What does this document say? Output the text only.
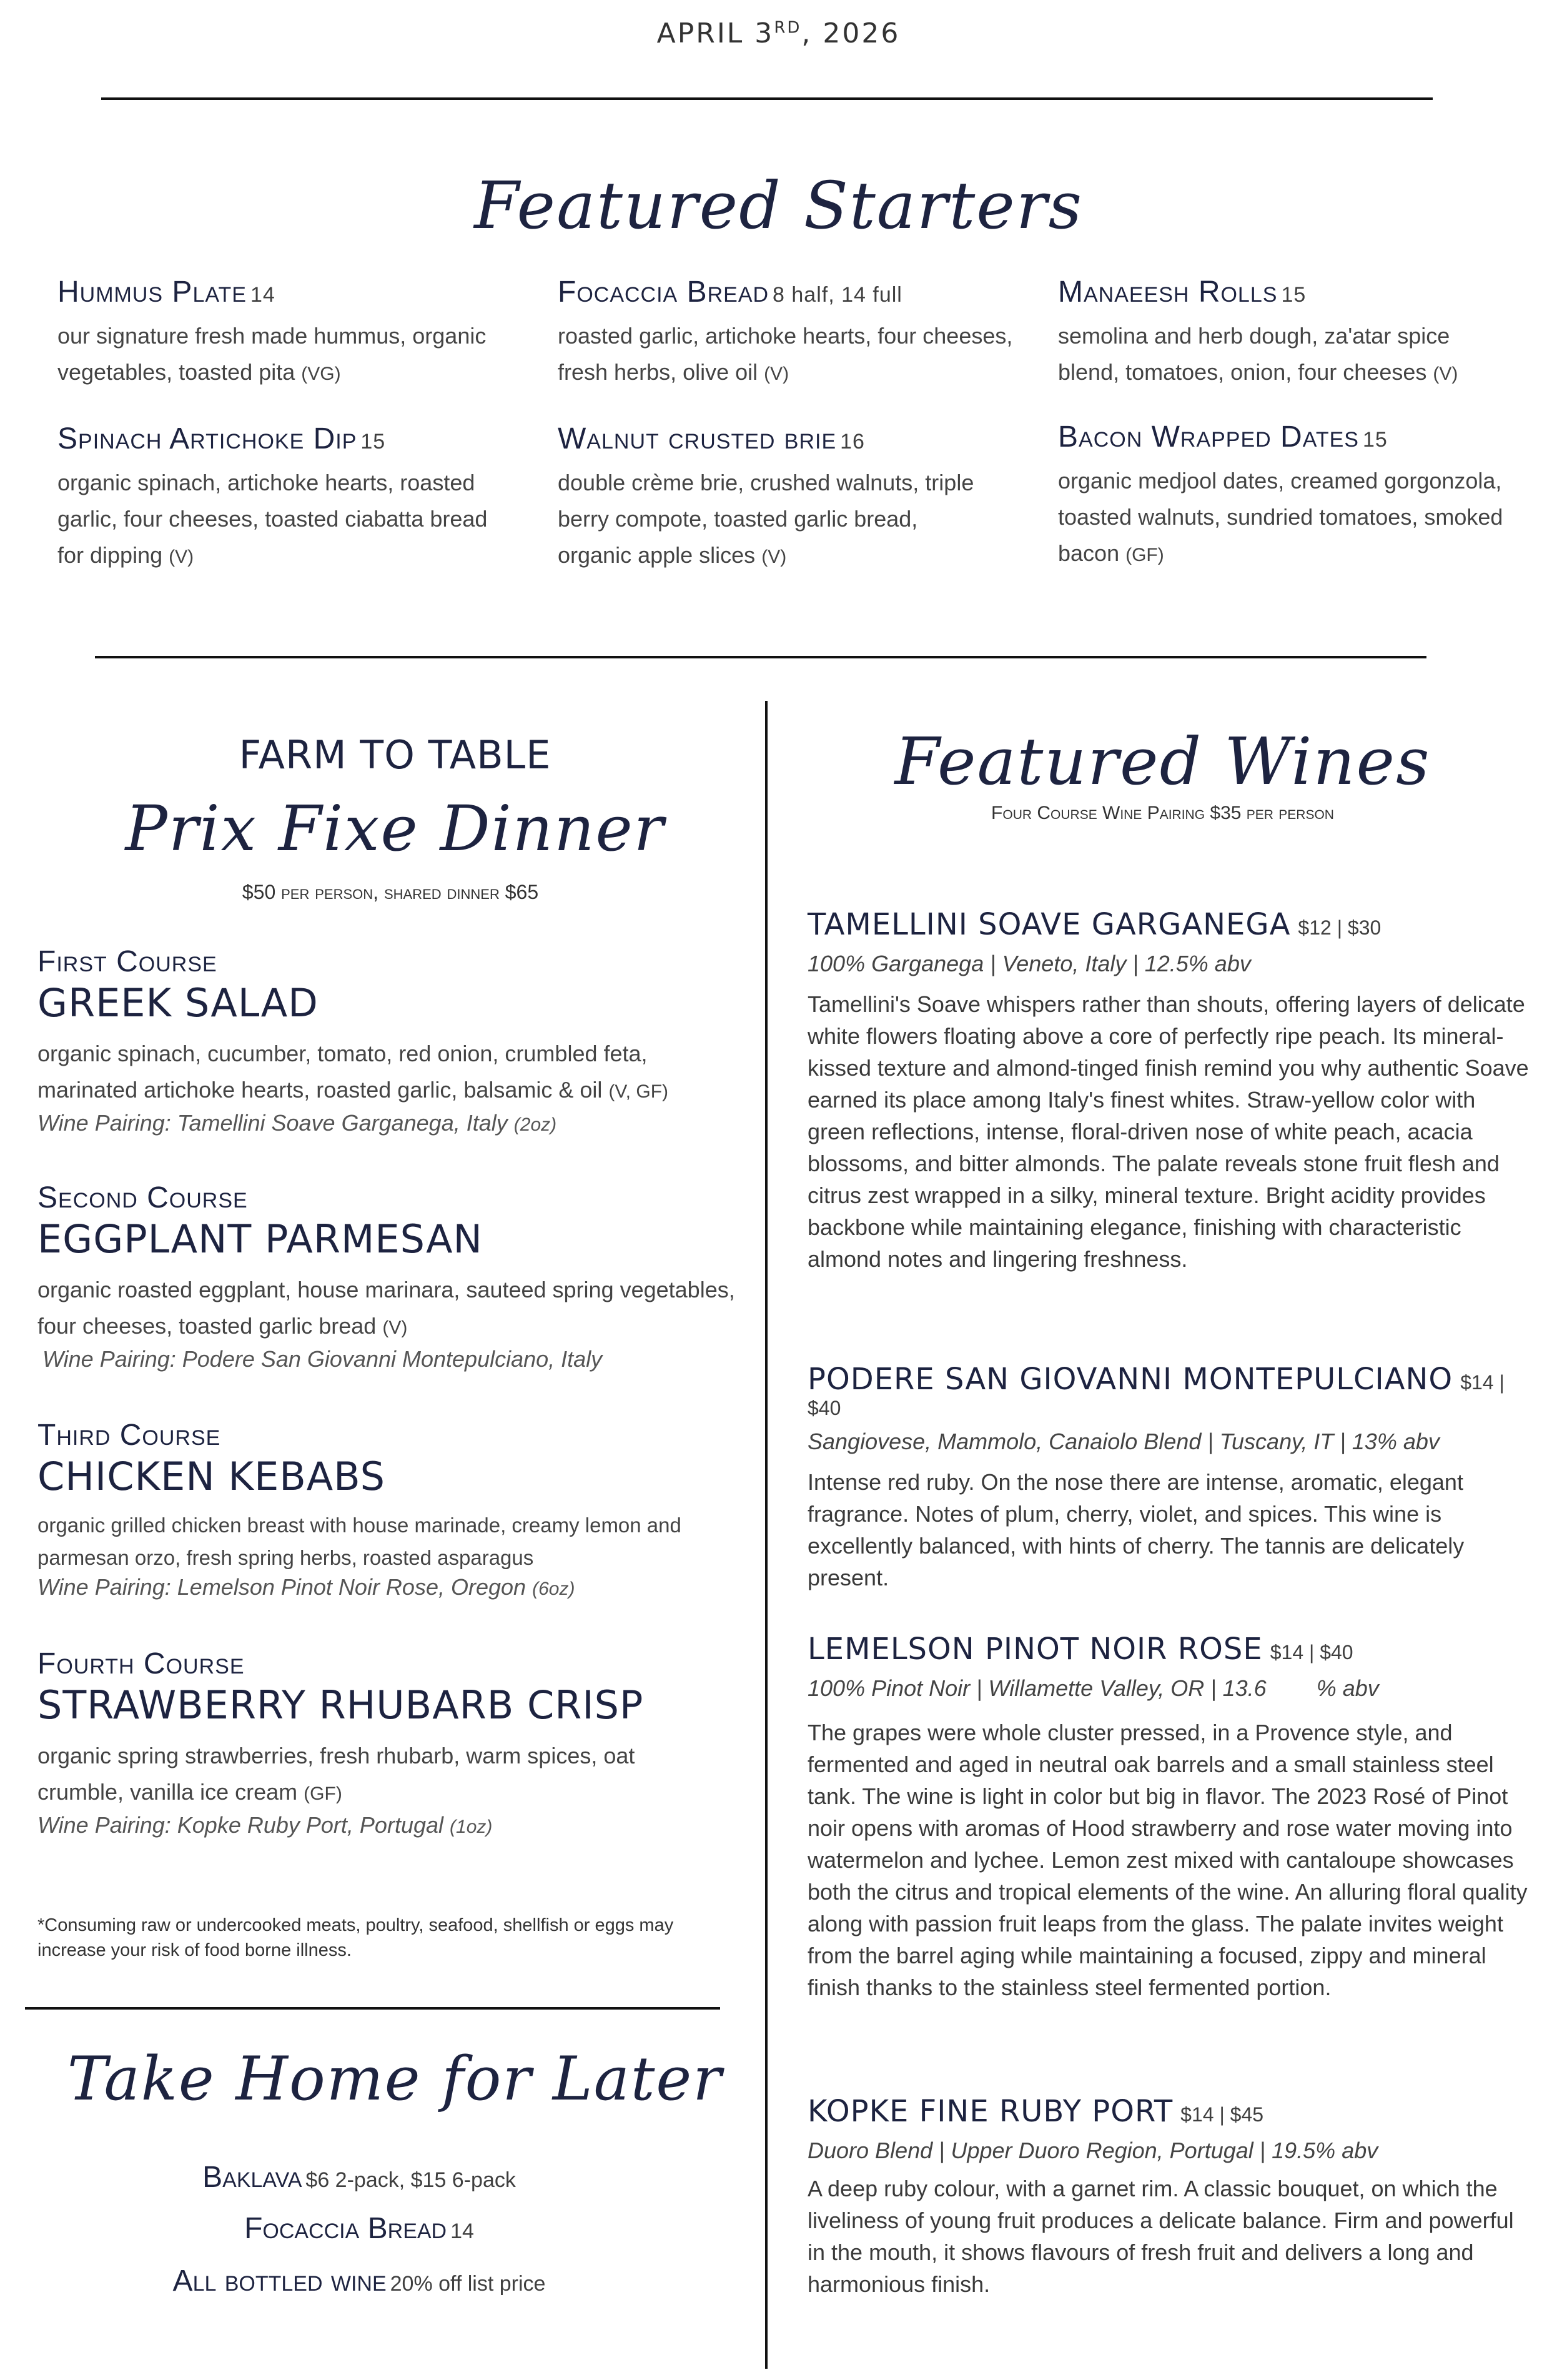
APRIL 3RD, 2026
Featured Starters
Hummus Plate 14
our signature fresh made hummus, organic vegetables, toasted pita (VG)
Focaccia Bread 8 half, 14 full
roasted garlic, artichoke hearts, four cheeses, fresh herbs, olive oil (V)
Manaeesh Rolls 15
semolina and herb dough, za'atar spice blend, tomatoes, onion, four cheeses (V)
Spinach Artichoke Dip 15
organic spinach, artichoke hearts, roasted garlic, four cheeses, toasted ciabatta bread for dipping (V)
Walnut crusted brie 16
double crème brie, crushed walnuts, triple berry compote, toasted garlic bread, organic apple slices (V)
Bacon Wrapped Dates 15
organic medjool dates, creamed gorgonzola, toasted walnuts, sundried tomatoes, smoked bacon (GF)
FARM TO TABLE
Prix Fixe Dinner
$50 per person, shared dinner $65
First Course
GREEK SALAD
organic spinach, cucumber, tomato, red onion, crumbled feta, marinated artichoke hearts, roasted garlic, balsamic & oil (V, GF)
Wine Pairing: Tamellini Soave Garganega, Italy (2oz)
Second Course
EGGPLANT PARMESAN
organic roasted eggplant, house marinara, sauteed spring vegetables, four cheeses, toasted garlic bread (V)
Wine Pairing: Podere San Giovanni Montepulciano, Italy
Third Course
CHICKEN KEBABS
organic grilled chicken breast with house marinade, creamy lemon and parmesan orzo, fresh spring herbs, roasted asparagus
Wine Pairing: Lemelson Pinot Noir Rose, Oregon (6oz)
Fourth Course
STRAWBERRY RHUBARB CRISP
organic spring strawberries, fresh rhubarb, warm spices, oat crumble, vanilla ice cream (GF)
Wine Pairing: Kopke Ruby Port, Portugal (1oz)
*Consuming raw or undercooked meats, poultry, seafood, shellfish or eggs may increase your risk of food borne illness.
Take Home for Later
Baklava $6 2-pack, $15 6-pack
Focaccia Bread 14
All bottled wine 20% off list price
Featured Wines
Four Course Wine Pairing $35 per person
TAMELLINI SOAVE GARGANEGA $12 | $30
100% Garganega | Veneto, Italy | 12.5% abv
Tamellini's Soave whispers rather than shouts, offering layers of delicate white flowers floating above a core of perfectly ripe peach. Its mineral-kissed texture and almond-tinged finish remind you why authentic Soave earned its place among Italy's finest whites. Straw-yellow color with green reflections, intense, floral-driven nose of white peach, acacia blossoms, and bitter almonds. The palate reveals stone fruit flesh and citrus zest wrapped in a silky, mineral texture. Bright acidity provides backbone while maintaining elegance, finishing with characteristic almond notes and lingering freshness.
PODERE SAN GIOVANNI MONTEPULCIANO $14 | $40
Sangiovese, Mammolo, Canaiolo Blend | Tuscany, IT | 13% abv
Intense red ruby. On the nose there are intense, aromatic, elegant fragrance. Notes of plum, cherry, violet, and spices. This wine is excellently balanced, with hints of cherry. The tannis are delicately present.
LEMELSON PINOT NOIR ROSE $14 | $40
100% Pinot Noir | Willamette Valley, OR | 13.6        % abv
The grapes were whole cluster pressed, in a Provence style, and fermented and aged in neutral oak barrels and a small stainless steel tank. The wine is light in color but big in flavor. The 2023 Rosé of Pinot noir opens with aromas of Hood strawberry and rose water moving into watermelon and lychee. Lemon zest mixed with cantaloupe showcases both the citrus and tropical elements of the wine. An alluring floral quality along with passion fruit leaps from the glass. The palate invites weight from the barrel aging while maintaining a focused, zippy and mineral finish thanks to the stainless steel fermented portion.
KOPKE FINE RUBY PORT $14 | $45
Duoro Blend | Upper Duoro Region, Portugal | 19.5% abv
A deep ruby colour, with a garnet rim. A classic bouquet, on which the liveliness of young fruit produces a delicate balance. Firm and powerful in the mouth, it shows flavours of fresh fruit and delivers a long and harmonious finish.
